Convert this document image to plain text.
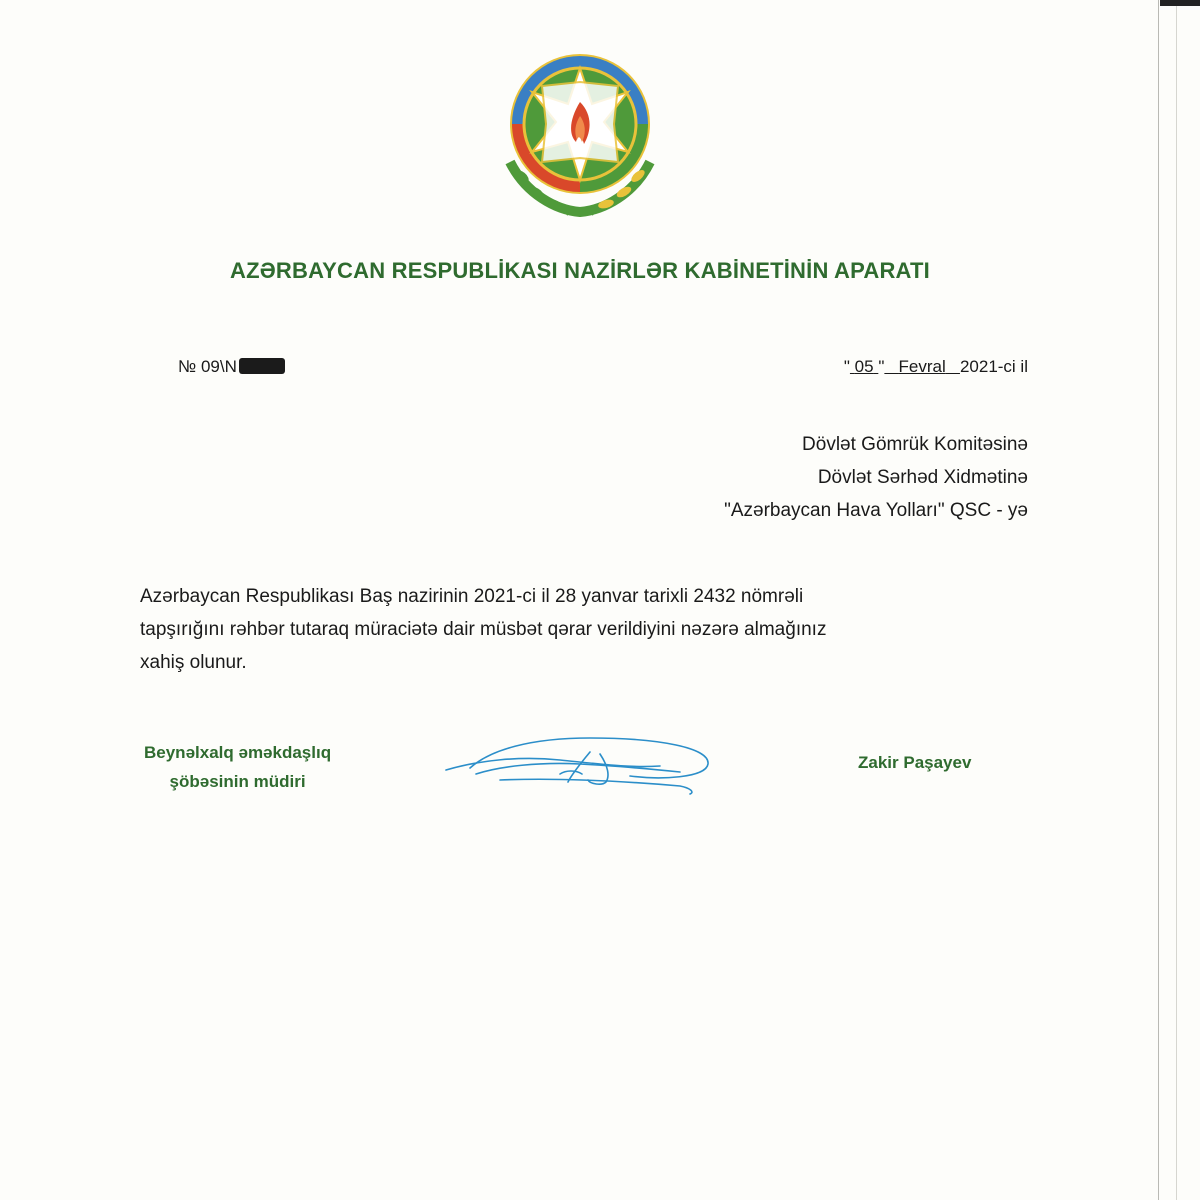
AZƏRBAYCAN RESPUBLİKASI NAZİRLƏR KABİNETİNİN APARATI
№ 09\N	" 05 " Fevral 2021-ci il
Dövlət Gömrük Komitəsinə
Dövlət Sərhəd Xidmətinə
"Azərbaycan Hava Yolları" QSC - yə
Azərbaycan Respublikası Baş nazirinin 2021-ci il 28 yanvar tarixli 2432 nömrəli
tapşırığını rəhbər tutaraq müraciətə dair müsbət qərar verildiyini nəzərə almağınız
xahiş olunur.
Beynəlxalq əməkdaşlıq
şöbəsinin müdiri
Zakir Paşayev
